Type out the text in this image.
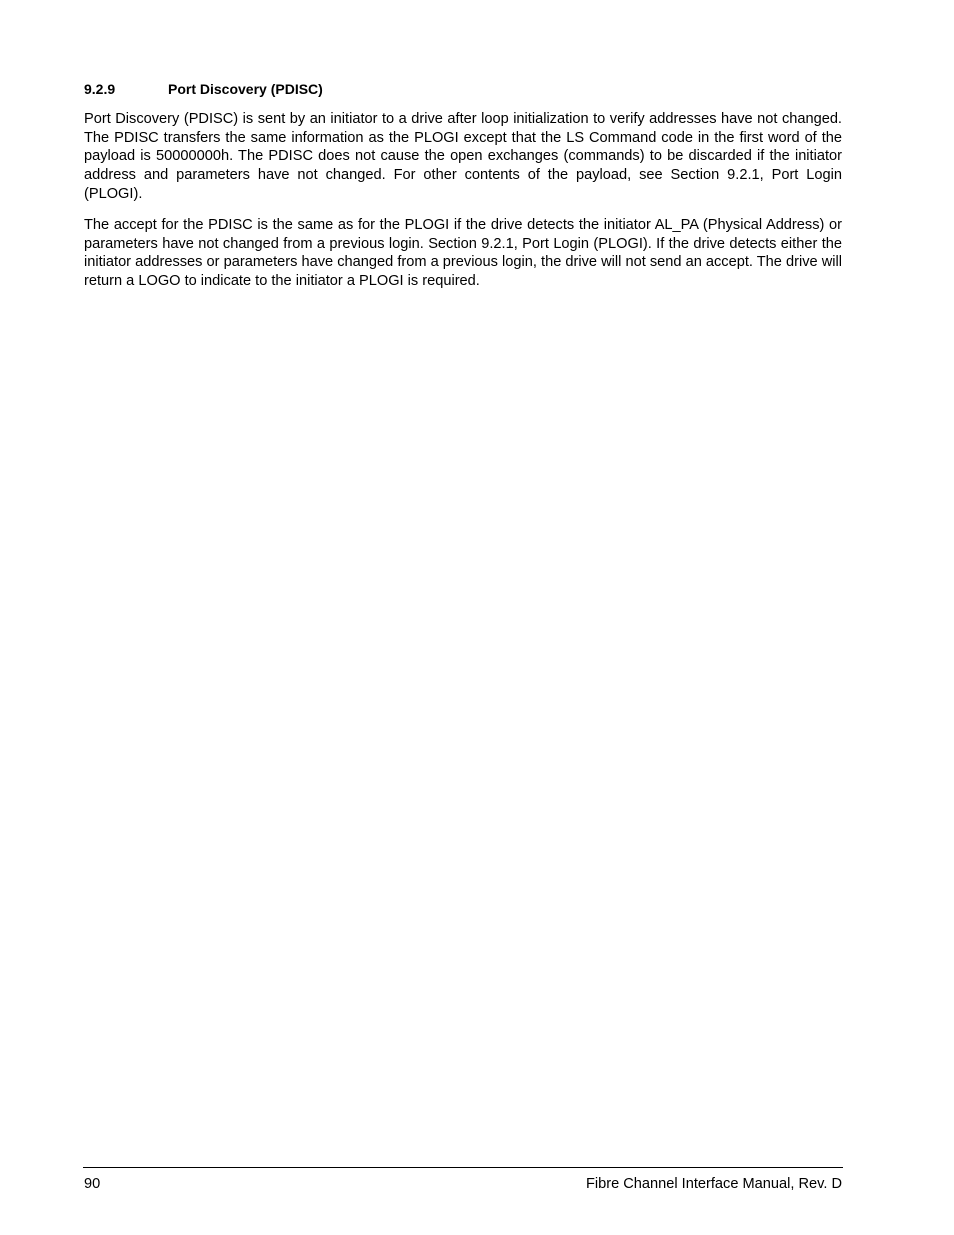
9.2.9	Port Discovery (PDISC)

Port Discovery (PDISC) is sent by an initiator to a drive after loop initialization to verify addresses have not changed. The PDISC transfers the same information as the PLOGI except that the LS Command code in the first word of the payload is 50000000h. The PDISC does not cause the open exchanges (commands) to be discarded if the initiator address and parameters have not changed. For other contents of the payload, see Section 9.2.1, Port Login (PLOGI).

The accept for the PDISC is the same as for the PLOGI if the drive detects the initiator AL_PA (Physical Address) or parameters have not changed from a previous login. Section 9.2.1, Port Login (PLOGI). If the drive detects either the initiator addresses or parameters have changed from a previous login, the drive will not send an accept. The drive will return a LOGO to indicate to the initiator a PLOGI is required.

90	Fibre Channel Interface Manual, Rev. D
